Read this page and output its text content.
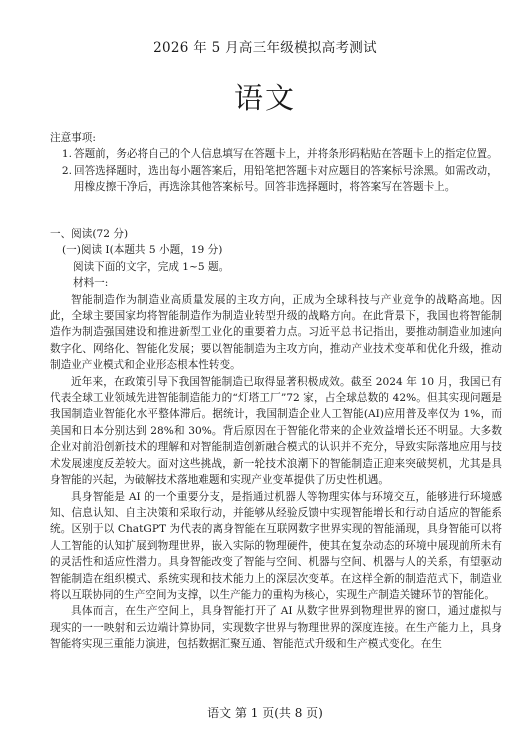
2026 年 5 月高三年级模拟高考测试
语文

注意事项:

1. 答题前，务必将自己的个人信息填写在答题卡上，并将条形码粘贴在答题卡上的指定位置。
2. 回答选择题时，选出每小题答案后，用铅笔把答题卡对应题目的答案标号涂黑。如需改动，用橡皮擦干净后，再选涂其他答案标号。回答非选择题时，将答案写在答题卡上。

一、阅读(72 分)

(一)阅读 I(本题共 5 小题，19 分)

阅读下面的文字，完成 1~5 题。

材料一:

智能制造作为制造业高质量发展的主攻方向，正成为全球科技与产业竞争的战略高地。因此，全球主要国家均将智能制造作为制造业转型升级的战略方向。在此背景下，我国也将智能制造作为制造强国建设和推进新型工业化的重要着力点。习近平总书记指出，要推动制造业加速向数字化、网络化、智能化发展；要以智能制造为主攻方向，推动产业技术变革和优化升级，推动制造业产业模式和企业形态根本性转变。

近年来，在政策引导下我国智能制造已取得显著积极成效。截至 2024 年 10 月，我国已有代表全球工业领域先进智能制造能力的“灯塔工厂”72 家，占全球总数的 42%。但其实现问题是我国制造业智能化水平整体滞后。据统计，我国制造企业人工智能(AI)应用普及率仅为 1%，而美国和日本分别达到 28%和 30%。背后原因在于智能化带来的企业效益增长还不明显。大多数企业对前沿创新技术的理解和对智能制造创新融合模式的认识并不充分，导致实际落地应用与技术发展速度反差较大。面对这些挑战，新一轮技术浪潮下的智能制造正迎来突破契机，尤其是具身智能的兴起，为破解技术落地难题和实现产业变革提供了历史性机遇。

具身智能是 AI 的一个重要分支，是指通过机器人等物理实体与环境交互，能够进行环境感知、信息认知、自主决策和采取行动，并能够从经验反馈中实现智能增长和行动自适应的智能系统。区别于以 ChatGPT 为代表的离身智能在互联网数字世界实现的智能涌现，具身智能可以将人工智能的认知扩展到物理世界，嵌入实际的物理硬件，使其在复杂动态的环境中展现前所未有的灵活性和适应性潜力。具身智能改变了智能与空间、机器与空间、机器与人的关系，有望驱动智能制造在组织模式、系统实现和技术能力上的深层次变革。在这样全新的制造范式下，制造业将以互联协同的生产空间为支撑，以生产能力的重构为核心，实现生产制造关键环节的智能化。

具体而言，在生产空间上，具身智能打开了 AI 从数字世界到物理世界的窗口，通过虚拟与现实的一一映射和云边端计算协同，实现数字世界与物理世界的深度连接。在生产能力上，具身智能将实现三重能力演进，包括数据汇聚互通、智能范式升级和生产模式变化。在生

语文 第 1 页(共 8 页)
